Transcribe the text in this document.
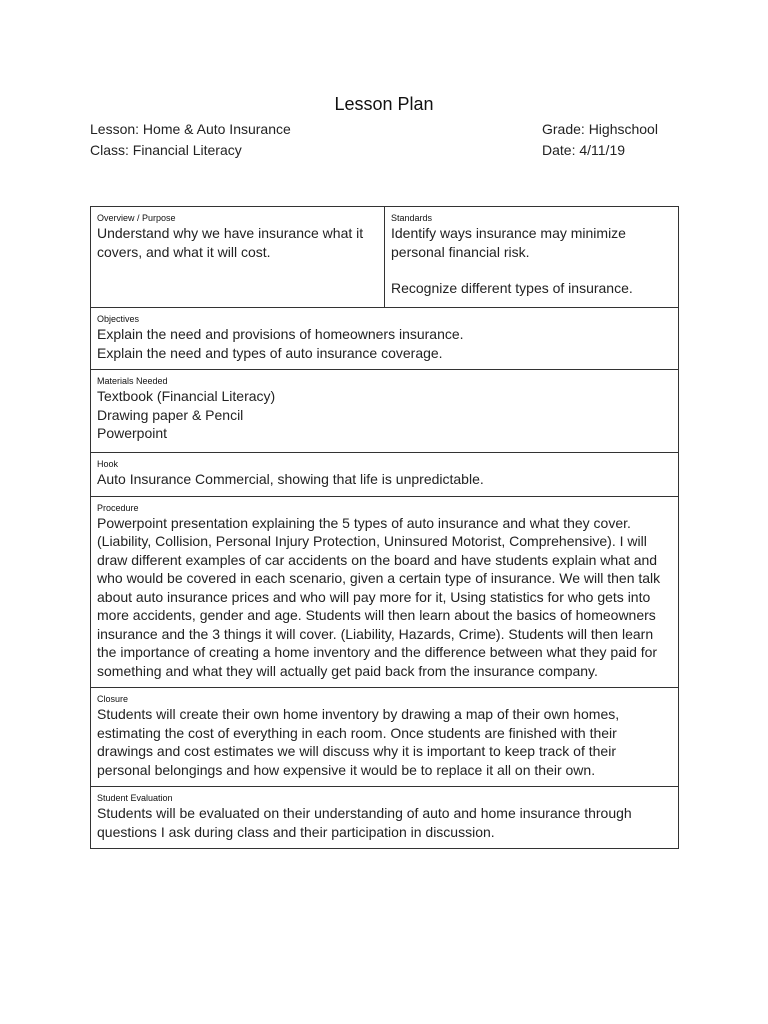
Lesson Plan
Lesson: Home & Auto Insurance	Grade: Highschool
Class: Financial Literacy	Date: 4/11/19
Overview / Purpose
Understand why we have insurance what it covers, and what it will cost.

Standards
Identify ways insurance may minimize personal financial risk.
Recognize different types of insurance.

Objectives
Explain the need and provisions of homeowners insurance.
Explain the need and types of auto insurance coverage.

Materials Needed
Textbook (Financial Literacy)
Drawing paper & Pencil
Powerpoint

Hook
Auto Insurance Commercial, showing that life is unpredictable.

Procedure
Powerpoint presentation explaining the 5 types of auto insurance and what they cover. (Liability, Collision, Personal Injury Protection, Uninsured Motorist, Comprehensive). I will draw different examples of car accidents on the board and have students explain what and who would be covered in each scenario, given a certain type of insurance. We will then talk about auto insurance prices and who will pay more for it, Using statistics for who gets into more accidents, gender and age. Students will then learn about the basics of homeowners insurance and the 3 things it will cover. (Liability, Hazards, Crime). Students will then learn the importance of creating a home inventory and the difference between what they paid for something and what they will actually get paid back from the insurance company.

Closure
Students will create their own home inventory by drawing a map of their own homes, estimating the cost of everything in each room. Once students are finished with their drawings and cost estimates we will discuss why it is important to keep track of their personal belongings and how expensive it would be to replace it all on their own.

Student Evaluation
Students will be evaluated on their understanding of auto and home insurance through questions I ask during class and their participation in discussion.
